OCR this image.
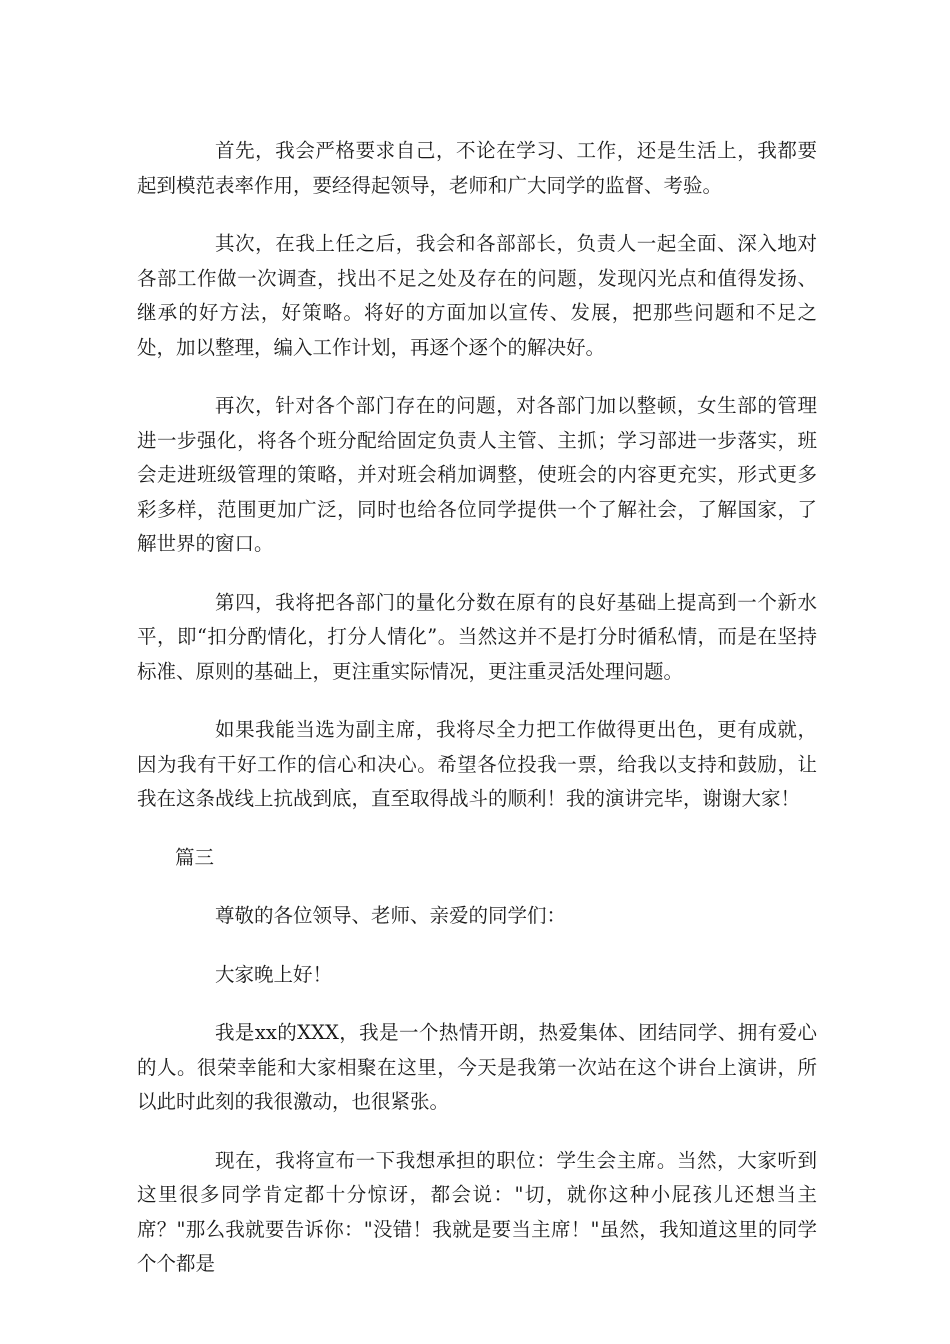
首先，我会严格要求自己，不论在学习、工作，还是生活上，我都要起到模范表率作用，要经得起领导，老师和广大同学的监督、考验。

其次，在我上任之后，我会和各部部长，负责人一起全面、深入地对各部工作做一次调查，找出不足之处及存在的问题，发现闪光点和值得发扬、继承的好方法，好策略。将好的方面加以宣传、发展，把那些问题和不足之处，加以整理，编入工作计划，再逐个逐个的解决好。

再次，针对各个部门存在的问题，对各部门加以整顿，女生部的管理进一步强化，将各个班分配给固定负责人主管、主抓；学习部进一步落实，班会走进班级管理的策略，并对班会稍加调整，使班会的内容更充实，形式更多彩多样，范围更加广泛，同时也给各位同学提供一个了解社会，了解国家，了解世界的窗口。

第四，我将把各部门的量化分数在原有的良好基础上提高到一个新水平，即“扣分酌情化，打分人情化”。当然这并不是打分时循私情，而是在坚持标准、原则的基础上，更注重实际情况，更注重灵活处理问题。

如果我能当选为副主席，我将尽全力把工作做得更出色，更有成就，因为我有干好工作的信心和决心。希望各位投我一票，给我以支持和鼓励，让我在这条战线上抗战到底，直至取得战斗的顺利！我的演讲完毕，谢谢大家！

篇三

尊敬的各位领导、老师、亲爱的同学们：

大家晚上好！

我是xx的XXX，我是一个热情开朗，热爱集体、团结同学、拥有爱心的人。很荣幸能和大家相聚在这里，今天是我第一次站在这个讲台上演讲，所以此时此刻的我很激动，也很紧张。

现在，我将宣布一下我想承担的职位：学生会主席。当然，大家听到这里很多同学肯定都十分惊讶，都会说："切，就你这种小屁孩儿还想当主席？"那么我就要告诉你："没错！我就是要当主席！"虽然，我知道这里的同学个个都是
